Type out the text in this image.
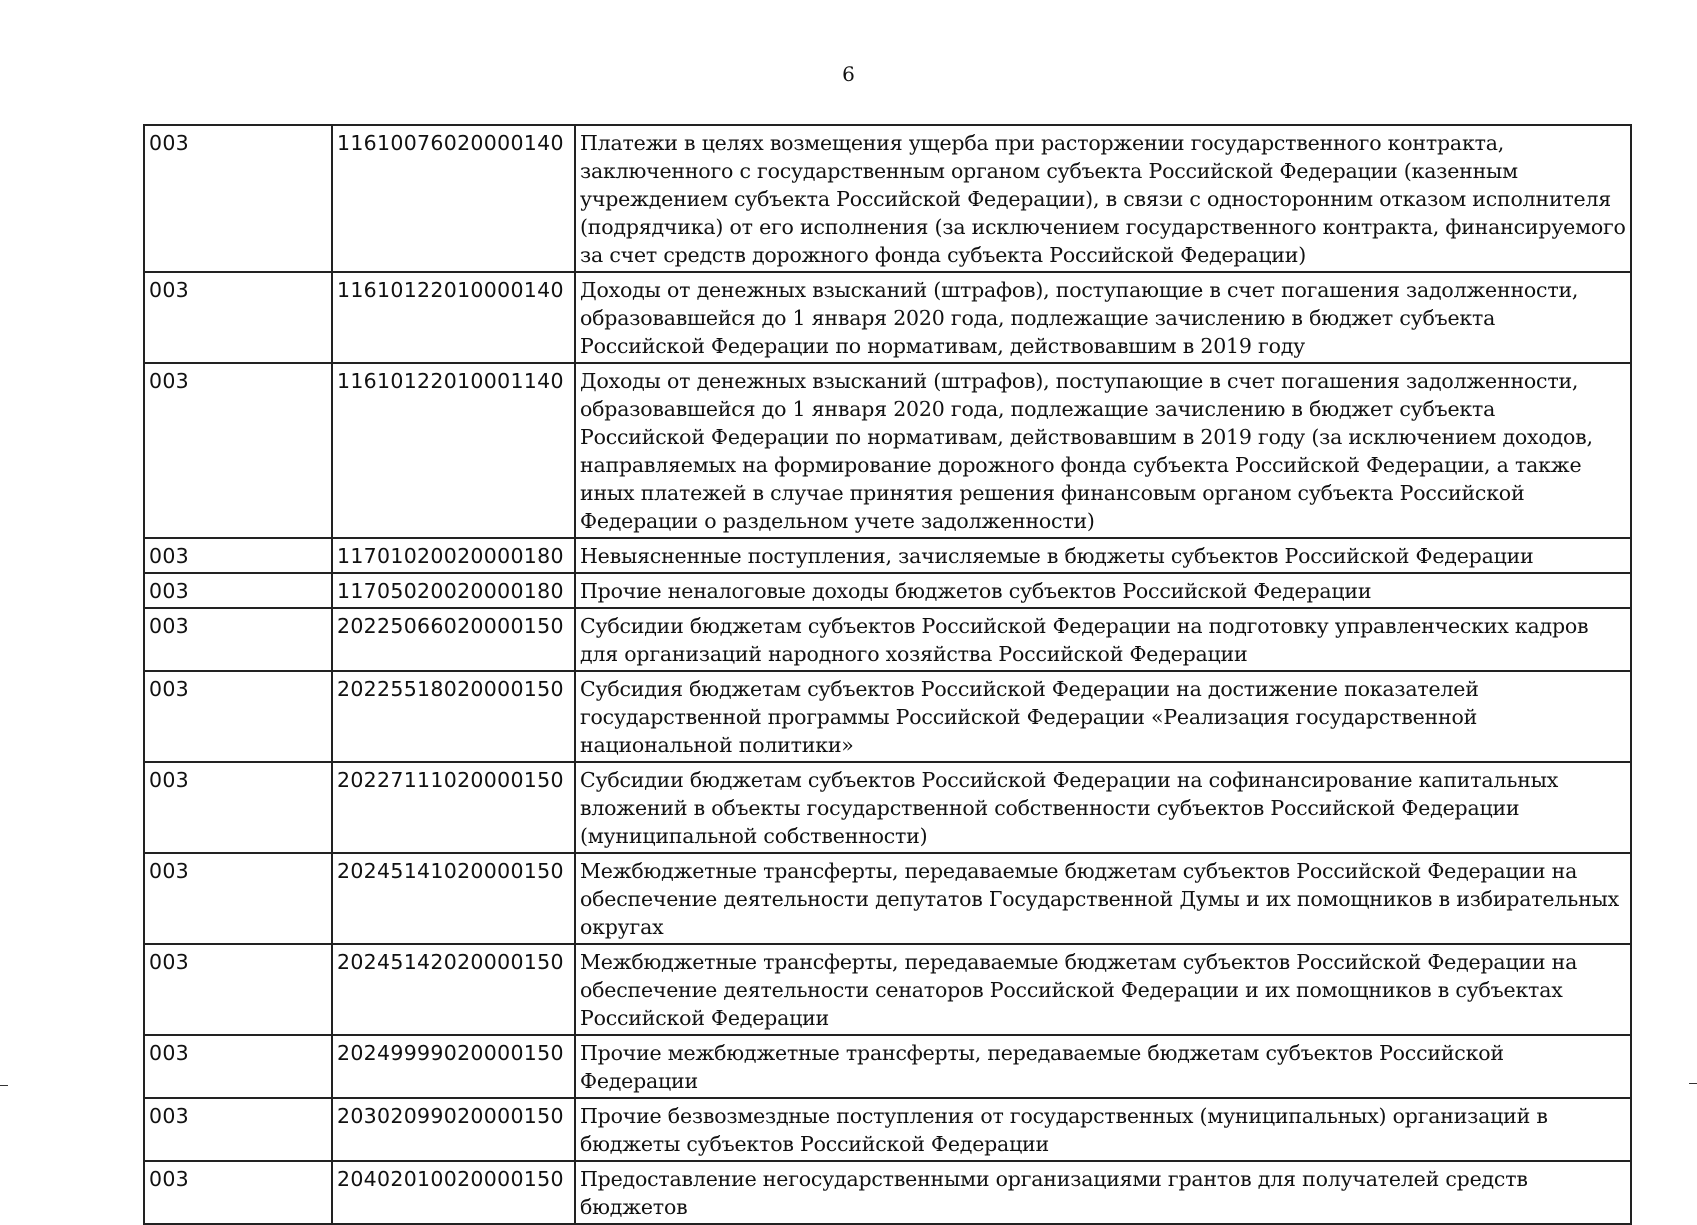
6
003	11610076020000140	Платежи в целях возмещения ущерба при расторжении государственного контракта, заключенного с государственным органом субъекта Российской Федерации (казенным учреждением субъекта Российской Федерации), в связи с односторонним отказом исполнителя (подрядчика) от его исполнения (за исключением государственного контракта, финансируемого за счет средств дорожного фонда субъекта Российской Федерации)
003	11610122010000140	Доходы от денежных взысканий (штрафов), поступающие в счет погашения задолженности, образовавшейся до 1 января 2020 года, подлежащие зачислению в бюджет субъекта Российской Федерации по нормативам, действовавшим в 2019 году
003	11610122010001140	Доходы от денежных взысканий (штрафов), поступающие в счет погашения задолженности, образовавшейся до 1 января 2020 года, подлежащие зачислению в бюджет субъекта Российской Федерации по нормативам, действовавшим в 2019 году (за исключением доходов, направляемых на формирование дорожного фонда субъекта Российской Федерации, а также иных платежей в случае принятия решения финансовым органом субъекта Российской Федерации о раздельном учете задолженности)
003	11701020020000180	Невыясненные поступления, зачисляемые в бюджеты субъектов Российской Федерации
003	11705020020000180	Прочие неналоговые доходы бюджетов субъектов Российской Федерации
003	20225066020000150	Субсидии бюджетам субъектов Российской Федерации на подготовку управленческих кадров для организаций народного хозяйства Российской Федерации
003	20225518020000150	Субсидия бюджетам субъектов Российской Федерации на достижение показателей государственной программы Российской Федерации «Реализация государственной национальной политики»
003	20227111020000150	Субсидии бюджетам субъектов Российской Федерации на софинансирование капитальных вложений в объекты государственной собственности субъектов Российской Федерации (муниципальной собственности)
003	20245141020000150	Межбюджетные трансферты, передаваемые бюджетам субъектов Российской Федерации на обеспечение деятельности депутатов Государственной Думы и их помощников в избирательных округах
003	20245142020000150	Межбюджетные трансферты, передаваемые бюджетам субъектов Российской Федерации на обеспечение деятельности сенаторов Российской Федерации и их помощников в субъектах Российской Федерации
003	20249999020000150	Прочие межбюджетные трансферты, передаваемые бюджетам субъектов Российской Федерации
003	20302099020000150	Прочие безвозмездные поступления от государственных (муниципальных) организаций в бюджеты субъектов Российской Федерации
003	20402010020000150	Предоставление негосударственными организациями грантов для получателей средств бюджетов
